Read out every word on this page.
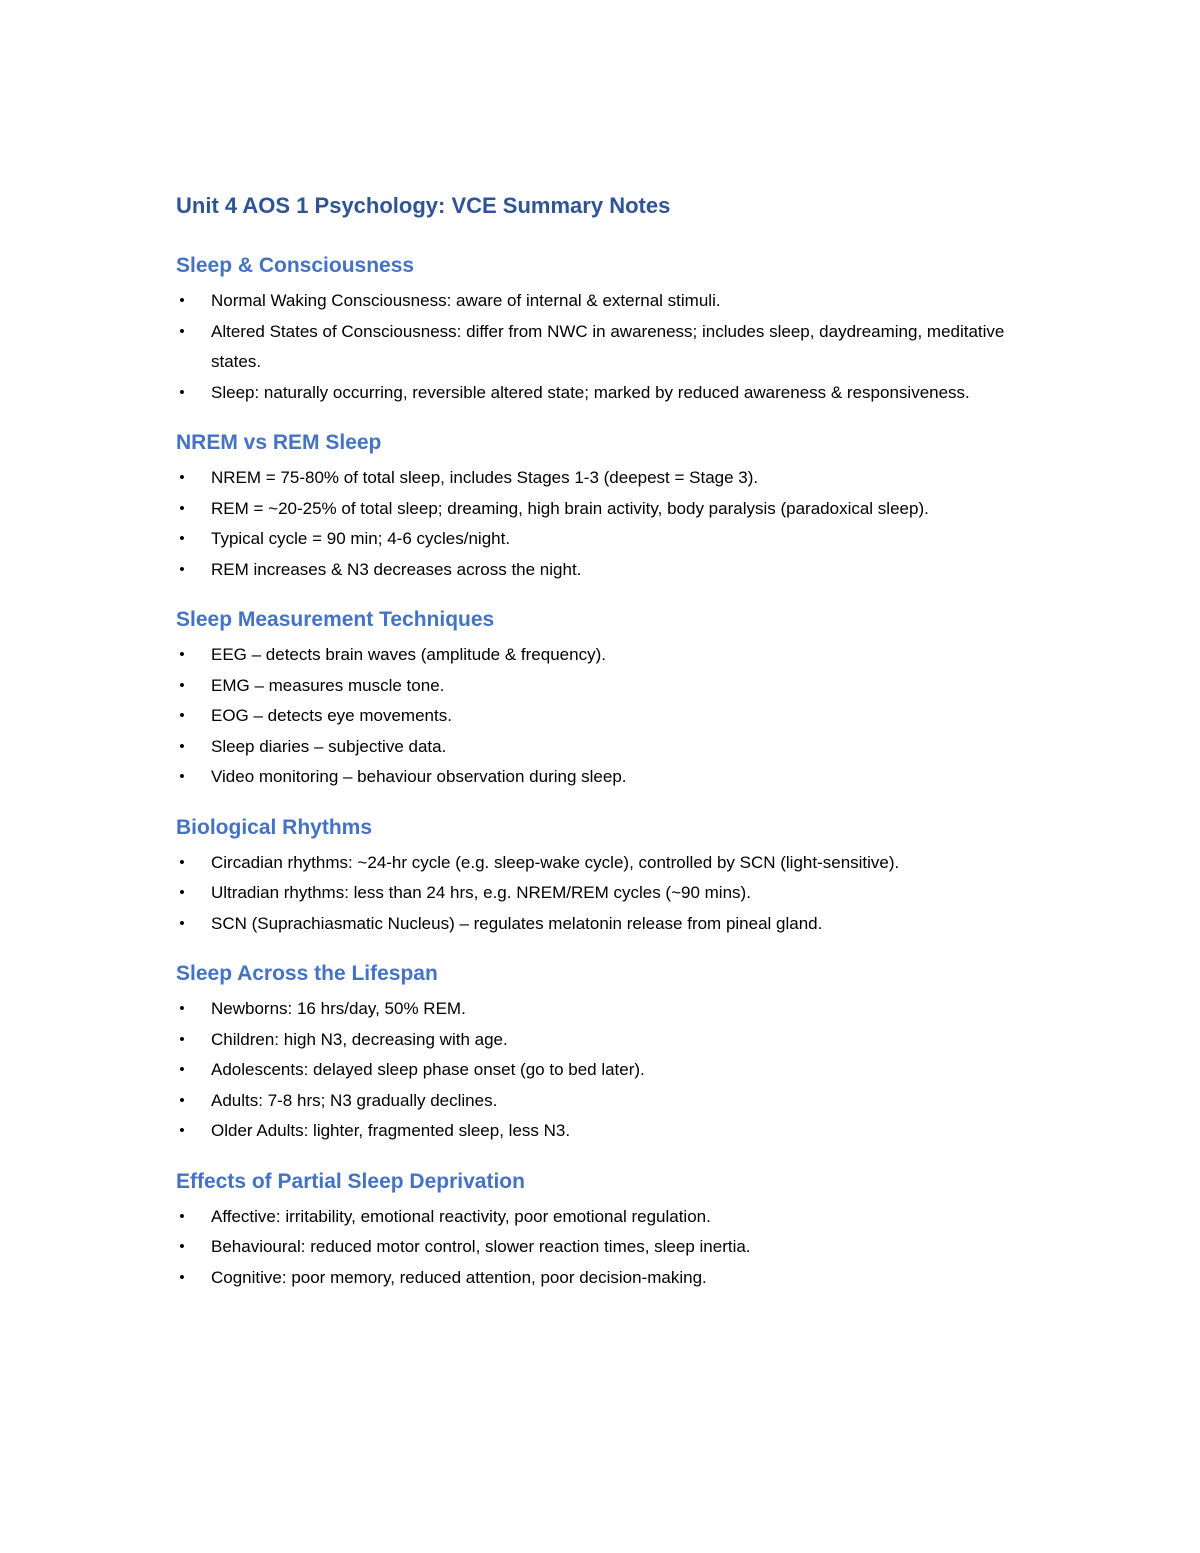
Unit 4 AOS 1 Psychology: VCE Summary Notes
Sleep & Consciousness
• Normal Waking Consciousness: aware of internal & external stimuli.
• Altered States of Consciousness: differ from NWC in awareness; includes sleep, daydreaming, meditative states.
• Sleep: naturally occurring, reversible altered state; marked by reduced awareness & responsiveness.
NREM vs REM Sleep
• NREM = 75-80% of total sleep, includes Stages 1-3 (deepest = Stage 3).
• REM = ~20-25% of total sleep; dreaming, high brain activity, body paralysis (paradoxical sleep).
• Typical cycle = 90 min; 4-6 cycles/night.
• REM increases & N3 decreases across the night.
Sleep Measurement Techniques
• EEG – detects brain waves (amplitude & frequency).
• EMG – measures muscle tone.
• EOG – detects eye movements.
• Sleep diaries – subjective data.
• Video monitoring – behaviour observation during sleep.
Biological Rhythms
• Circadian rhythms: ~24-hr cycle (e.g. sleep-wake cycle), controlled by SCN (light-sensitive).
• Ultradian rhythms: less than 24 hrs, e.g. NREM/REM cycles (~90 mins).
• SCN (Suprachiasmatic Nucleus) – regulates melatonin release from pineal gland.
Sleep Across the Lifespan
• Newborns: 16 hrs/day, 50% REM.
• Children: high N3, decreasing with age.
• Adolescents: delayed sleep phase onset (go to bed later).
• Adults: 7-8 hrs; N3 gradually declines.
• Older Adults: lighter, fragmented sleep, less N3.
Effects of Partial Sleep Deprivation
• Affective: irritability, emotional reactivity, poor emotional regulation.
• Behavioural: reduced motor control, slower reaction times, sleep inertia.
• Cognitive: poor memory, reduced attention, poor decision-making.
